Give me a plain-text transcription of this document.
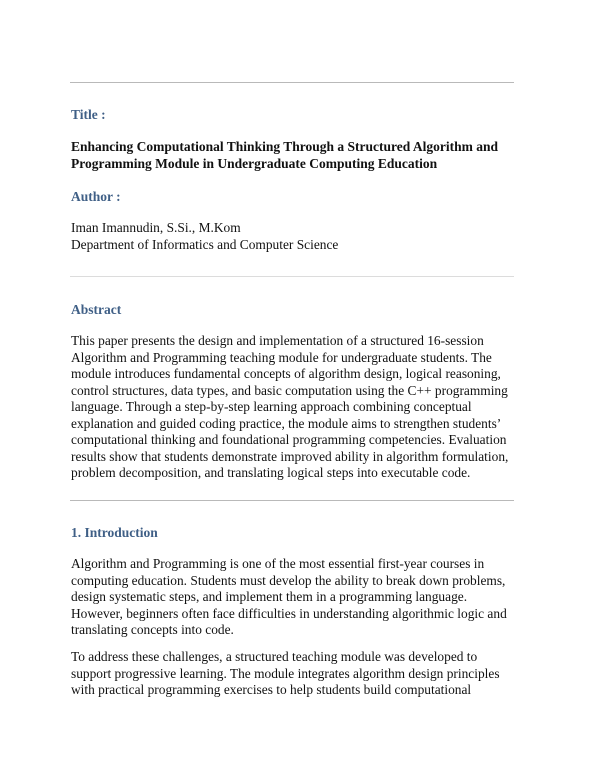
Title :
Enhancing Computational Thinking Through a Structured Algorithm and
Programming Module in Undergraduate Computing Education
Author :
Iman Imannudin, S.Si., M.Kom
Department of Informatics and Computer Science
Abstract
This paper presents the design and implementation of a structured 16-session
Algorithm and Programming teaching module for undergraduate students. The
module introduces fundamental concepts of algorithm design, logical reasoning,
control structures, data types, and basic computation using the C++ programming
language. Through a step-by-step learning approach combining conceptual
explanation and guided coding practice, the module aims to strengthen students’
computational thinking and foundational programming competencies. Evaluation
results show that students demonstrate improved ability in algorithm formulation,
problem decomposition, and translating logical steps into executable code.
1. Introduction
Algorithm and Programming is one of the most essential first-year courses in
computing education. Students must develop the ability to break down problems,
design systematic steps, and implement them in a programming language.
However, beginners often face difficulties in understanding algorithmic logic and
translating concepts into code.
To address these challenges, a structured teaching module was developed to
support progressive learning. The module integrates algorithm design principles
with practical programming exercises to help students build computational
